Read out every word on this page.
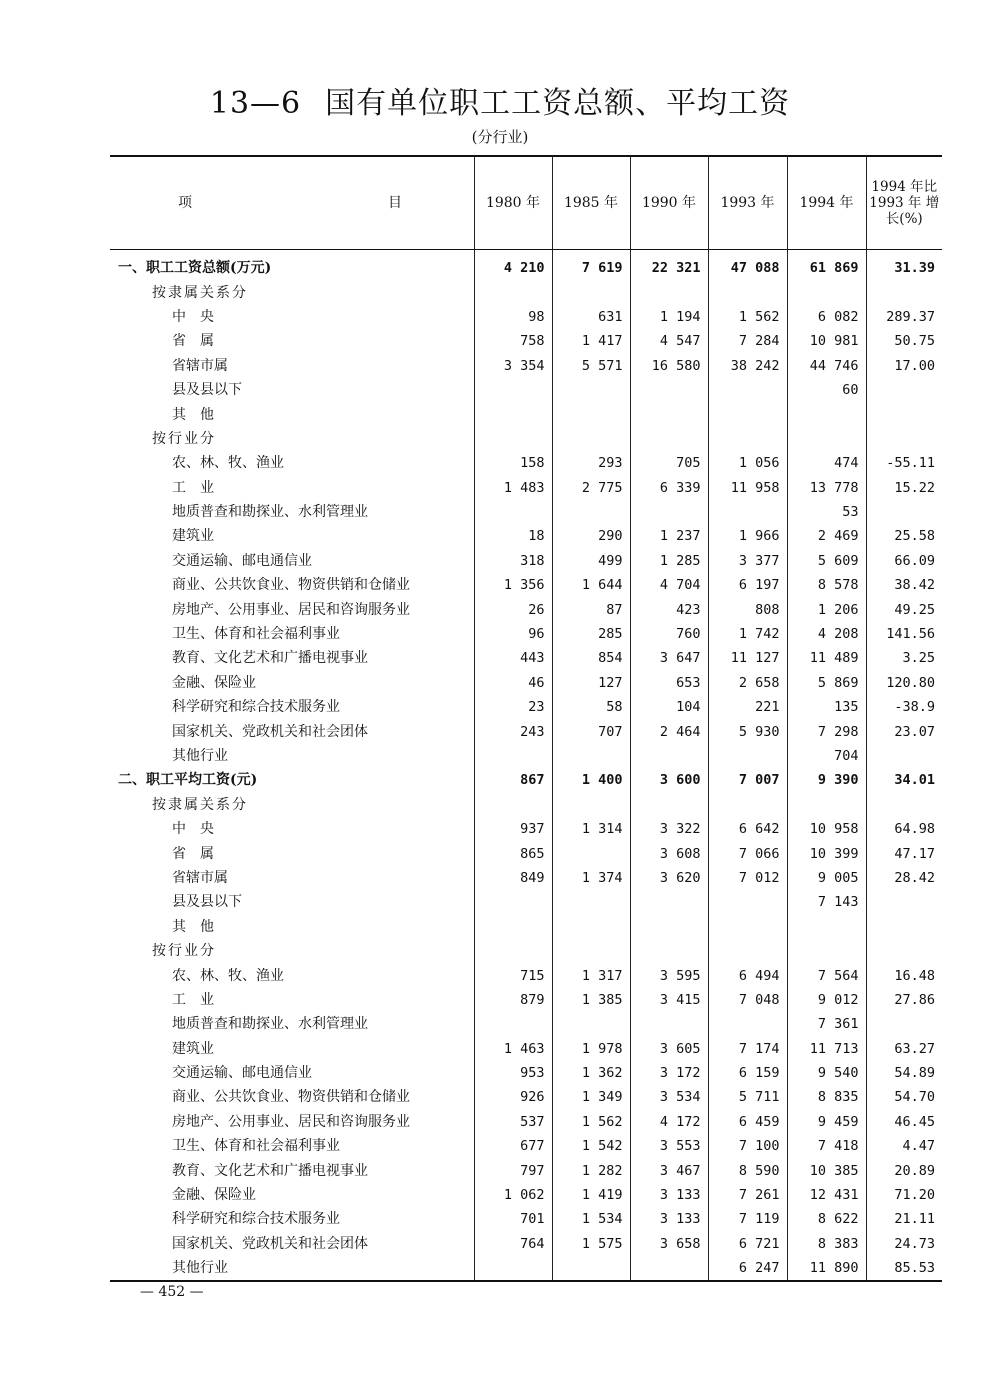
13—6 国有单位职工工资总额、平均工资
(分行业)
项 目	1980 年	1985 年	1990 年	1993 年	1994 年	1994 年比 1993 年 增长(%)
一、职工工资总额(万元)	4 210	7 619	22 321	47 088	61 869	31.39
按隶属关系分						
中央	98	631	1 194	1 562	6 082	289.37
省属	758	1 417	4 547	7 284	10 981	50.75
省辖市属	3 354	5 571	16 580	38 242	44 746	17.00
县及县以下					60	
其他						
按行业分						
农、林、牧、渔业	158	293	705	1 056	474	-55.11
工业	1 483	2 775	6 339	11 958	13 778	15.22
地质普查和勘探业、水利管理业					53	
建筑业	18	290	1 237	1 966	2 469	25.58
交通运输、邮电通信业	318	499	1 285	3 377	5 609	66.09
商业、公共饮食业、物资供销和仓储业	1 356	1 644	4 704	6 197	8 578	38.42
房地产、公用事业、居民和咨询服务业	26	87	423	808	1 206	49.25
卫生、体育和社会福利事业	96	285	760	1 742	4 208	141.56
教育、文化艺术和广播电视事业	443	854	3 647	11 127	11 489	3.25
金融、保险业	46	127	653	2 658	5 869	120.80
科学研究和综合技术服务业	23	58	104	221	135	-38.9
国家机关、党政机关和社会团体	243	707	2 464	5 930	7 298	23.07
其他行业					704	
二、职工平均工资(元)	867	1 400	3 600	7 007	9 390	34.01
按隶属关系分						
中央	937	1 314	3 322	6 642	10 958	64.98
省属	865		3 608	7 066	10 399	47.17
省辖市属	849	1 374	3 620	7 012	9 005	28.42
县及县以下					7 143	
其他						
按行业分						
农、林、牧、渔业	715	1 317	3 595	6 494	7 564	16.48
工业	879	1 385	3 415	7 048	9 012	27.86
地质普查和勘探业、水利管理业					7 361	
建筑业	1 463	1 978	3 605	7 174	11 713	63.27
交通运输、邮电通信业	953	1 362	3 172	6 159	9 540	54.89
商业、公共饮食业、物资供销和仓储业	926	1 349	3 534	5 711	8 835	54.70
房地产、公用事业、居民和咨询服务业	537	1 562	4 172	6 459	9 459	46.45
卫生、体育和社会福利事业	677	1 542	3 553	7 100	7 418	4.47
教育、文化艺术和广播电视事业	797	1 282	3 467	8 590	10 385	20.89
金融、保险业	1 062	1 419	3 133	7 261	12 431	71.20
科学研究和综合技术服务业	701	1 534	3 133	7 119	8 622	21.11
国家机关、党政机关和社会团体	764	1 575	3 658	6 721	8 383	24.73
其他行业				6 247	11 890	85.53
— 452 —
